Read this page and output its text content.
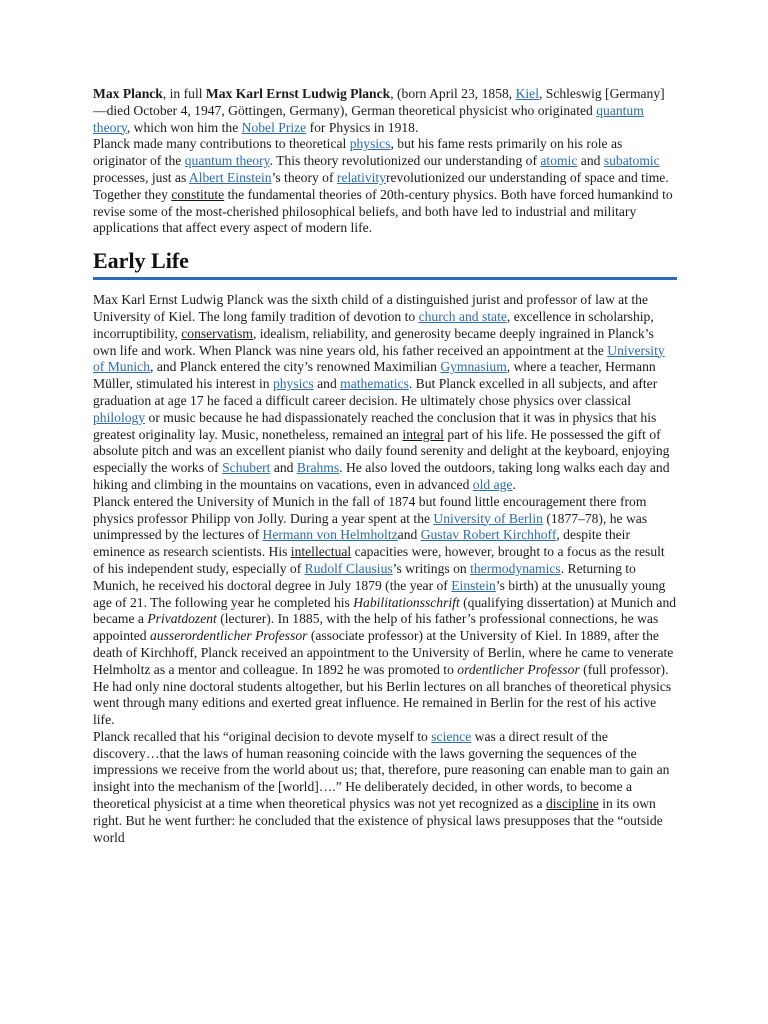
Max Planck, in full Max Karl Ernst Ludwig Planck, (born April 23, 1858, Kiel, Schleswig [Germany]—died October 4, 1947, Göttingen, Germany), German theoretical physicist who originated quantum theory, which won him the Nobel Prize for Physics in 1918.

Planck made many contributions to theoretical physics, but his fame rests primarily on his role as originator of the quantum theory. This theory revolutionized our understanding of atomic and subatomic processes, just as Albert Einstein’s theory of relativityrevolutionized our understanding of space and time. Together they constitute the fundamental theories of 20th-century physics. Both have forced humankind to revise some of the most-cherished philosophical beliefs, and both have led to industrial and military applications that affect every aspect of modern life.

Early Life

Max Karl Ernst Ludwig Planck was the sixth child of a distinguished jurist and professor of law at the University of Kiel. The long family tradition of devotion to church and state, excellence in scholarship, incorruptibility, conservatism, idealism, reliability, and generosity became deeply ingrained in Planck’s own life and work. When Planck was nine years old, his father received an appointment at the University of Munich, and Planck entered the city’s renowned Maximilian Gymnasium, where a teacher, Hermann Müller, stimulated his interest in physics and mathematics. But Planck excelled in all subjects, and after graduation at age 17 he faced a difficult career decision. He ultimately chose physics over classical philology or music because he had dispassionately reached the conclusion that it was in physics that his greatest originality lay. Music, nonetheless, remained an integral part of his life. He possessed the gift of absolute pitch and was an excellent pianist who daily found serenity and delight at the keyboard, enjoying especially the works of Schubert and Brahms. He also loved the outdoors, taking long walks each day and hiking and climbing in the mountains on vacations, even in advanced old age.

Planck entered the University of Munich in the fall of 1874 but found little encouragement there from physics professor Philipp von Jolly. During a year spent at the University of Berlin (1877–78), he was unimpressed by the lectures of Hermann von Helmholtzand Gustav Robert Kirchhoff, despite their eminence as research scientists. His intellectual capacities were, however, brought to a focus as the result of his independent study, especially of Rudolf Clausius’s writings on thermodynamics. Returning to Munich, he received his doctoral degree in July 1879 (the year of Einstein’s birth) at the unusually young age of 21. The following year he completed his Habilitationsschrift (qualifying dissertation) at Munich and became a Privatdozent (lecturer). In 1885, with the help of his father’s professional connections, he was appointed ausserordentlicher Professor (associate professor) at the University of Kiel. In 1889, after the death of Kirchhoff, Planck received an appointment to the University of Berlin, where he came to venerate Helmholtz as a mentor and colleague. In 1892 he was promoted to ordentlicher Professor (full professor). He had only nine doctoral students altogether, but his Berlin lectures on all branches of theoretical physics went through many editions and exerted great influence. He remained in Berlin for the rest of his active life.

Planck recalled that his “original decision to devote myself to science was a direct result of the discovery…that the laws of human reasoning coincide with the laws governing the sequences of the impressions we receive from the world about us; that, therefore, pure reasoning can enable man to gain an insight into the mechanism of the [world]….” He deliberately decided, in other words, to become a theoretical physicist at a time when theoretical physics was not yet recognized as a discipline in its own right. But he went further: he concluded that the existence of physical laws presupposes that the “outside world
